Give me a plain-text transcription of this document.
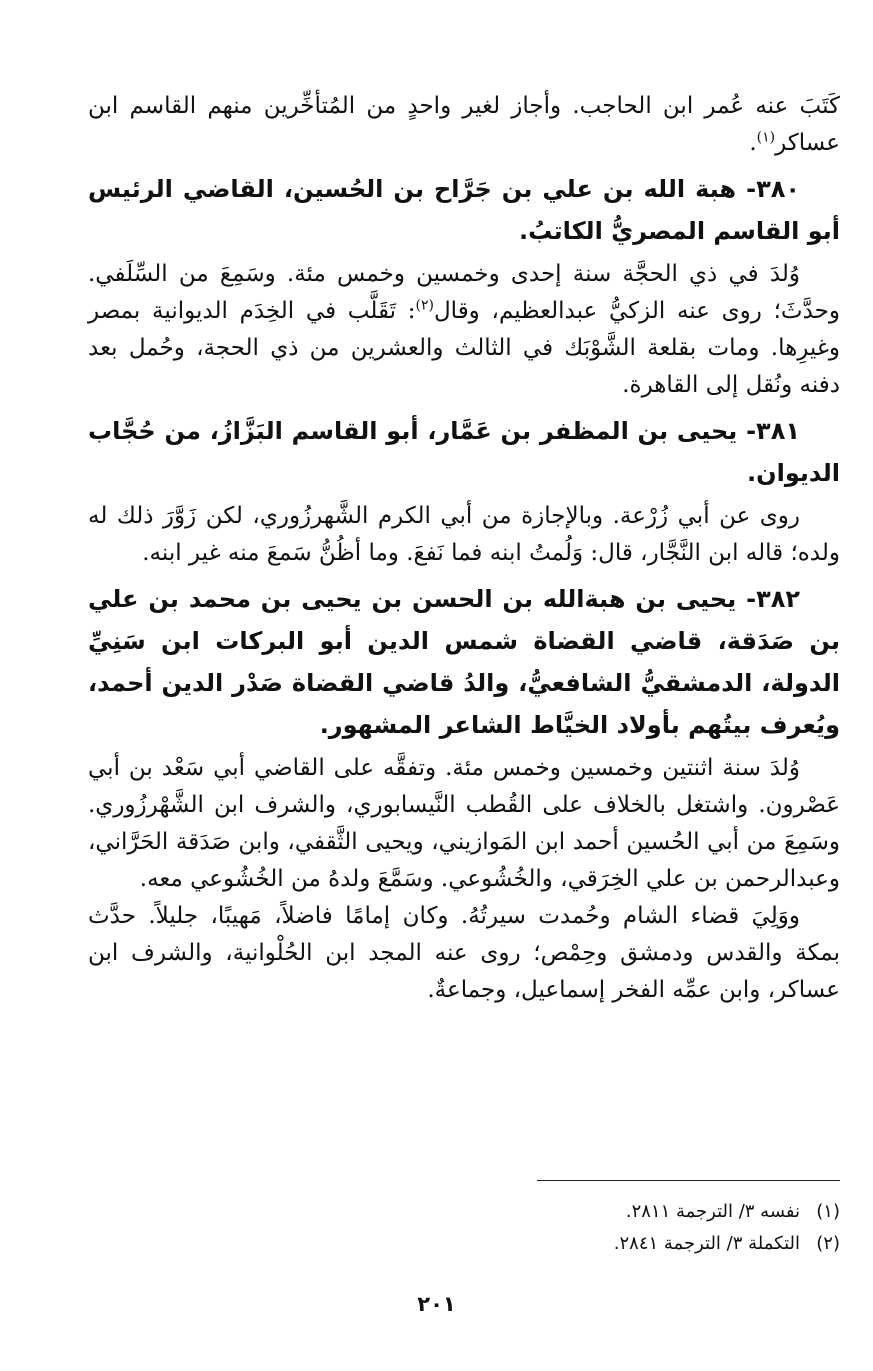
كَتَبَ عنه عُمر ابن الحاجب. وأجاز لغير واحدٍ من المُتأخِّرين منهم القاسم ابن عساكر$^{(١)}$.

٣٨٠- هبة الله بن علي بن جَرَّاح بن الحُسين، القاضي الرئيس أبو القاسم المصريُّ الكاتبُ.

وُلدَ في ذي الحجَّة سنة إحدى وخمسين وخمس مئة. وسَمِعَ من السِّلَفي. وحدَّثَ؛ روى عنه الزكيُّ عبدالعظيم، وقال$^{(٢)}$: تَقَلَّب في الخِدَم الديوانية بمصر وغيرِها. ومات بقلعة الشَّوْبَك في الثالث والعشرين من ذي الحجة، وحُمل بعد دفنه ونُقل إلى القاهرة.

٣٨١- يحيى بن المظفر بن عَمَّار، أبو القاسم البَزَّازُ، من حُجَّاب الديوان.

روى عن أبي زُرْعة. وبالإجازة من أبي الكرم الشَّهرزُوري، لكن زَوَّرَ ذلك له ولده؛ قاله ابن النَّجَّار، قال: وَلُمتُ ابنه فما نَفعَ. وما أظُنُّ سَمعَ منه غير ابنه.

٣٨٢- يحيى بن هبةالله بن الحسن بن يحيى بن محمد بن علي بن صَدَقة، قاضي القضاة شمس الدين أبو البركات ابن سَنِيِّ الدولة، الدمشقيُّ الشافعيُّ، والدُ قاضي القضاة صَدْر الدين أحمد، ويُعرف بيتُهم بأولاد الخيَّاط الشاعر المشهور.

وُلدَ سنة اثنتين وخمسين وخمس مئة. وتفقَّه على القاضي أبي سَعْد بن أبي عَصْرون. واشتغل بالخلاف على القُطب النَّيسابوري، والشرف ابن الشَّهْرزُوري. وسَمِعَ من أبي الحُسين أحمد ابن المَوازيني، ويحيى الثَّقفي، وابن صَدَقة الحَرَّاني، وعبدالرحمن بن علي الخِرَقي، والخُشُوعي. وسَمَّعَ ولدهُ من الخُشُوعي معه.

ووَلِيَ قضاء الشام وحُمدت سيرتُهُ. وكان إمامًا فاضلاً، مَهيبًا، جليلاً. حدَّث بمكة والقدس ودمشق وحِمْص؛ روى عنه المجد ابن الحُلْوانية، والشرف ابن عساكر، وابن عمِّه الفخر إسماعيل، وجماعةٌ.

(١)نفسه ٣/ الترجمة ٢٨١١.

(٢)التكملة ٣/ الترجمة ٢٨٤١.

٢٠١
